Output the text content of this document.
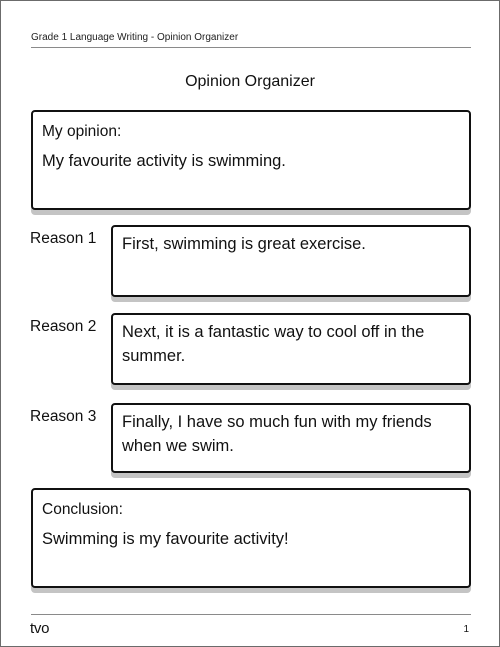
Grade 1 Language Writing - Opinion Organizer
Opinion Organizer
My opinion:
My favourite activity is swimming.
Reason 1 First, swimming is great exercise.
Reason 2 Next, it is a fantastic way to cool off in the summer.
Reason 3 Finally, I have so much fun with my friends when we swim.
Conclusion:
Swimming is my favourite activity!
tvo	1
